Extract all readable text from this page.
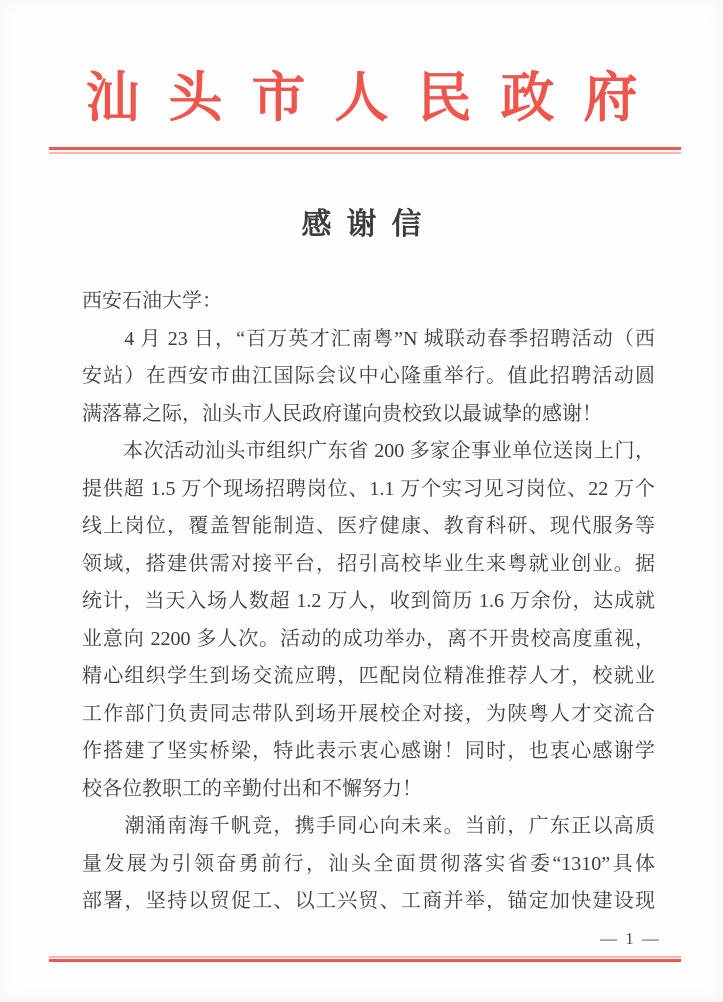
汕头市人民政府
感谢信
西安石油大学：
　　4 月 23 日，“百万英才汇南粤”N 城联动春季招聘活动（西
安站）在西安市曲江国际会议中心隆重举行。值此招聘活动圆
满落幕之际，汕头市人民政府谨向贵校致以最诚挚的感谢！
　　本次活动汕头市组织广东省 200 多家企事业单位送岗上门，
提供超 1.5 万个现场招聘岗位、1.1 万个实习见习岗位、22 万个
线上岗位，覆盖智能制造、医疗健康、教育科研、现代服务等
领域，搭建供需对接平台，招引高校毕业生来粤就业创业。据
统计，当天入场人数超 1.2 万人，收到简历 1.6 万余份，达成就
业意向 2200 多人次。活动的成功举办，离不开贵校高度重视，
精心组织学生到场交流应聘，匹配岗位精准推荐人才，校就业
工作部门负责同志带队到场开展校企对接，为陕粤人才交流合
作搭建了坚实桥梁，特此表示衷心感谢！同时，也衷心感谢学
校各位教职工的辛勤付出和不懈努力！
　　潮涌南海千帆竞，携手同心向未来。当前，广东正以高质
量发展为引领奋勇前行，汕头全面贯彻落实省委“1310”具体
部署，坚持以贸促工、以工兴贸、工商并举，锚定加快建设现
— 1 —
